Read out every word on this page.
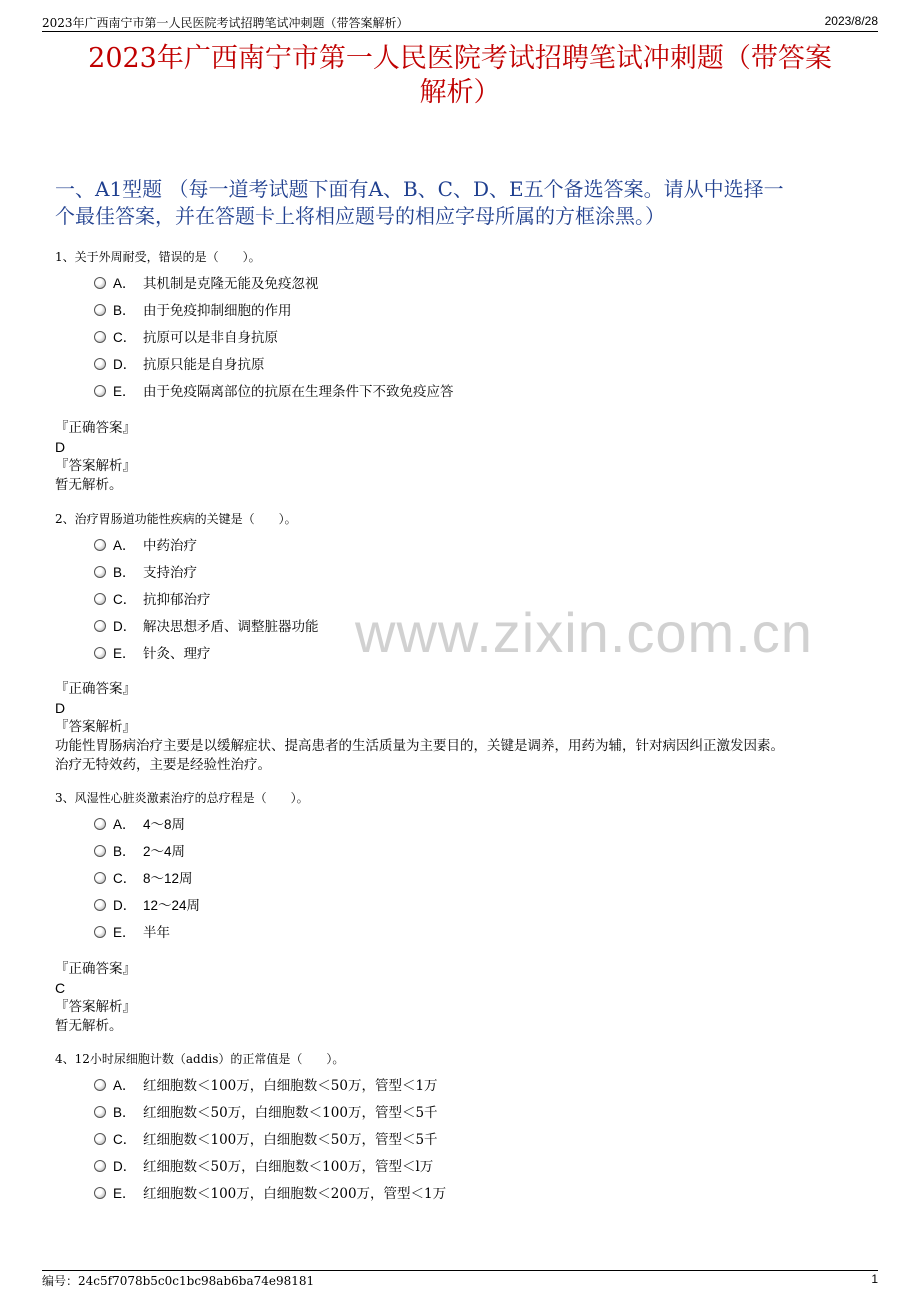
2023年广西南宁市第一人民医院考试招聘笔试冲刺题（带答案解析）	2023/8/28
2023年广西南宁市第一人民医院考试招聘笔试冲刺题（带答案
解析）
一、A1型题 （每一道考试题下面有A、B、C、D、E五个备选答案。请从中选择一
个最佳答案，并在答题卡上将相应题号的相应字母所属的方框涂黑。）
www.zixin.com.cn
1、关于外周耐受，错误的是（　　）。
A． 其机制是克隆无能及免疫忽视
B． 由于免疫抑制细胞的作用
C． 抗原可以是非自身抗原
D． 抗原只能是自身抗原
E． 由于免疫隔离部位的抗原在生理条件下不致免疫应答
『正确答案』
D
『答案解析』
暂无解析。
2、治疗胃肠道功能性疾病的关键是（　　）。
A． 中药治疗
B． 支持治疗
C． 抗抑郁治疗
D． 解决思想矛盾、调整脏器功能
E． 针灸、理疗
『正确答案』
D
『答案解析』
功能性胃肠病治疗主要是以缓解症状、提高患者的生活质量为主要目的，关键是调养，用药为辅，针对病因纠正激发因素。
治疗无特效药，主要是经验性治疗。
3、风湿性心脏炎激素治疗的总疗程是（　　）。
A． 4～8周
B． 2～4周
C． 8～12周
D． 12～24周
E． 半年
『正确答案』
C
『答案解析』
暂无解析。
4、12小时尿细胞计数（addis）的正常值是（　　）。
A． 红细胞数＜100万，白细胞数＜50万，管型＜1万
B． 红细胞数＜50万，白细胞数＜100万，管型＜5千
C． 红细胞数＜100万，白细胞数＜50万，管型＜5千
D． 红细胞数＜50万，白细胞数＜100万，管型＜l万
E． 红细胞数＜100万，白细胞数＜200万，管型＜1万
编号：24c5f7078b5c0c1bc98ab6ba74e98181	1
